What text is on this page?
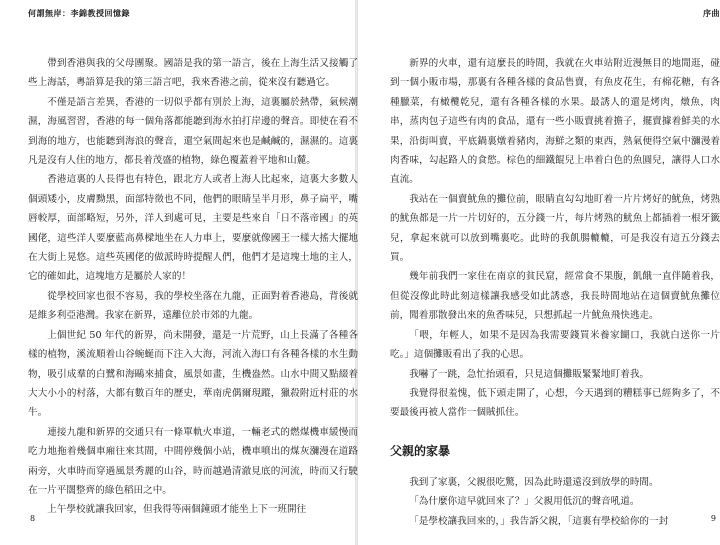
何謂無岸：李錦教授回憶錄

帶到香港與我的父母團聚。國語是我的第一語言，後在上海生活又接觸了些上海話，粵語算是我的第三語言吧，我來香港之前，從來沒有聽過它。

不僅是語言差異，香港的一切似乎都有別於上海，這裏屬於熱帶，氣候潮濕，海風習習，香港的每一個角落都能聽到海水拍打岸邊的聲音。即使在看不到海的地方，也能聽到海浪的聲音，還空氣間起來也是鹹鹹的，濕濕的。這裏凡是沒有人住的地方，都長着茂盛的植物，綠色覆蓋着平地和山麓。

香港這裏的人長得也有特色，跟北方人或者上海人比起來，這裏大多數人個頭矮小，皮膚黝黑，面部特徵也不同，他們的眼睛呈半月形，鼻子扁平，嘴唇較厚，面部略短，另外，洋人到處可見，主要是些來自「日不落帝國」的英國佬，這些洋人要麼藍高鼻樑地坐在人力車上，要麼就像國王一樣大搖大擺地在大街上晃悠。這些英國佬的做派時時提醒人們，他們才是這塊土地的主人，它的確如此，這塊地方是屬於人家的！

從學校回家也很不容易，我的學校坐落在九龍，正面對着香港島，背後就是維多利亞港灣。我家在新界，遠離位於市郊的九龍。

上個世紀 50 年代的新界，尚未開發，還是一片荒野，山上長滿了各種各樣的植物，溪流順着山谷蜿蜒而下注入大海，河流入海口有各種各樣的水生動物，吸引成羣的白鷺和海鷗來捕食，風景如畫，生機盎然。山水中間又點綴着大大小小的村落，大都有數百年的歷史，華南虎偶爾現蹤，獵殺附近村莊的水牛。

連接九龍和新界的交通只有一條單軌火車道，一輛老式的燃煤機車緩慢而吃力地拖着幾個車廂往來其間，中間停幾個小站，機車噴出的煤灰瀰漫在道路兩旁，火車時而穿過風景秀麗的山谷，時而越過清澈見底的河流，時而又行駛在一片平闊整齊的綠色稻田之中。

上午學校就讓我回家，但我得等兩個鐘頭才能坐上下一班開往

8
序曲

新界的火車，還有這麼長的時間，我就在火車站附近漫無目的地閒逛，碰到一個小販市場，那裏有各種各樣的食品售賣，有魚皮花生，有棉花糖，有各種臘菜，有橄欖乾兒，還有各種各樣的水果。最誘人的還是烤肉，燉魚，肉串，蒸肉包子這些有肉的食品，還有一些小販賣挑着擔子，擺賣據着鮮美的水果，沿街叫賣，平底鍋裏燉着豬肉，海鮮之類的東西，熟氣便得空氣中瀰漫着肉香味，勾起路人的食慾。棕色的細鐵餛兒上串着白色的魚圓兒，讓得人口水直流。

我站在一個賣魷魚的攤位前，眼睛直勾勾地盯着一片片烤好的魷魚，烤熟的魷魚都是一片一片切好的，五分錢一片，每片烤熟的魷魚上都插着一根牙籤兒，拿起來就可以放到嘴裏吃。此時的我飢腸轆轆，可是我沒有這五分錢去買。

幾年前我們一家住在南京的貧民窟，經常食不果腹，飢餓一直伴隨着我，但從沒像此時此刻這樣讓我感受如此誘惑，我長時間地站在這個賣魷魚攤位前，聞着那散發出來的魚香味兒，只想抓起一片魷魚飛快逃走。

「喂，年輕人，如果不是因為我需要錢買米養家餬口，我就白送你一片吃。」這個攤販看出了我的心思。

我嚇了一跳，急忙抬頭看，只見這個攤販緊緊地盯着我。

我覺得很羞愧，低下頭走開了，心想，今天遇到的糟糕事已經夠多了，不要最後再被人當作一個賊抓住。

父親的家暴

我到了家裏，父親很吃驚，因為此時還遠沒到放學的時間。

「為什麼你這早就回來了？」父親用低沉的聲音吼道。

「是學校讓我回來的，」我告訴父親，「這裏有學校給你的一封	9
